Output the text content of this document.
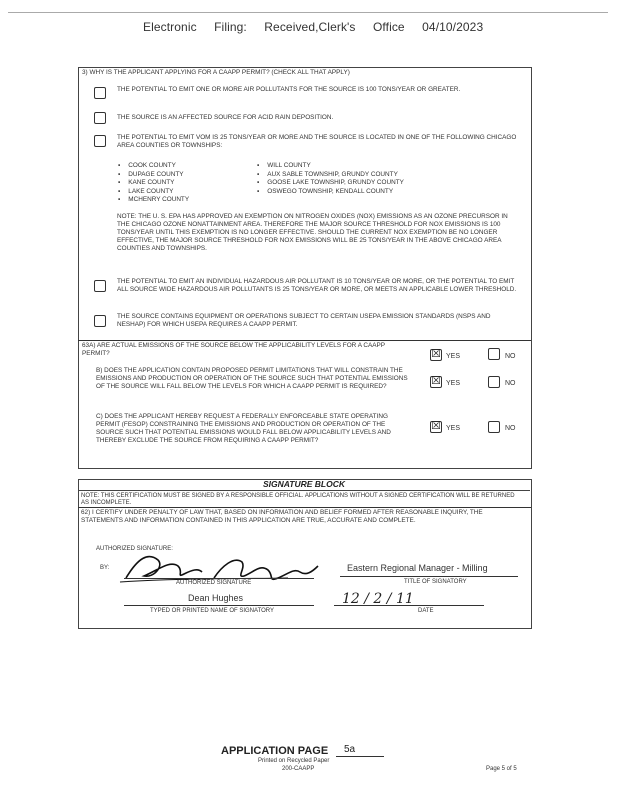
Electronic Filing: Received,Clerk's Office 04/10/2023
3) WHY IS THE APPLICANT APPLYING FOR A CAAPP PERMIT? (CHECK ALL THAT APPLY)
THE POTENTIAL TO EMIT ONE OR MORE AIR POLLUTANTS FOR THE SOURCE IS 100 TONS/YEAR OR GREATER.
THE SOURCE IS AN AFFECTED SOURCE FOR ACID RAIN DEPOSITION.
THE POTENTIAL TO EMIT VOM IS 25 TONS/YEAR OR MORE AND THE SOURCE IS LOCATED IN ONE OF THE FOLLOWING CHICAGO AREA COUNTIES OR TOWNSHIPS:
▪ COOK COUNTY
▪ DUPAGE COUNTY
▪ KANE COUNTY
▪ LAKE COUNTY
▪ MCHENRY COUNTY
▪ WILL COUNTY
▪ AUX SABLE TOWNSHIP, GRUNDY COUNTY
▪ GOOSE LAKE TOWNSHIP, GRUNDY COUNTY
▪ OSWEGO TOWNSHIP, KENDALL COUNTY
NOTE: THE U. S. EPA HAS APPROVED AN EXEMPTION ON NITROGEN OXIDES (NOX) EMISSIONS AS AN OZONE PRECURSOR IN THE CHICAGO OZONE NONATTAINMENT AREA. THEREFORE THE MAJOR SOURCE THRESHOLD FOR NOX EMISSIONS IS 100 TONS/YEAR UNTIL THIS EXEMPTION IS NO LONGER EFFECTIVE. SHOULD THE CURRENT NOX EXEMPTION BE NO LONGER EFFECTIVE, THE MAJOR SOURCE THRESHOLD FOR NOX EMISSIONS WILL BE 25 TONS/YEAR IN THE ABOVE CHICAGO AREA COUNTIES AND TOWNSHIPS.
THE POTENTIAL TO EMIT AN INDIVIDUAL HAZARDOUS AIR POLLUTANT IS 10 TONS/YEAR OR MORE, OR THE POTENTIAL TO EMIT ALL SOURCE WIDE HAZARDOUS AIR POLLUTANTS IS 25 TONS/YEAR OR MORE, OR MEETS AN APPLICABLE LOWER THRESHOLD.
THE SOURCE CONTAINS EQUIPMENT OR OPERATIONS SUBJECT TO CERTAIN USEPA EMISSION STANDARDS (NSPS AND NESHAP) FOR WHICH USEPA REQUIRES A CAAPP PERMIT.
63A) ARE ACTUAL EMISSIONS OF THE SOURCE BELOW THE APPLICABILITY LEVELS FOR A CAAPP PERMIT?	☒ YES	NO
B) DOES THE APPLICATION CONTAIN PROPOSED PERMIT LIMITATIONS THAT WILL CONSTRAIN THE EMISSIONS AND PRODUCTION OR OPERATION OF THE SOURCE SUCH THAT POTENTIAL EMISSIONS OF THE SOURCE WILL FALL BELOW THE LEVELS FOR WHICH A CAAPP PERMIT IS REQUIRED?	☒ YES	NO
C) DOES THE APPLICANT HEREBY REQUEST A FEDERALLY ENFORCEABLE STATE OPERATING PERMIT (FESOP) CONSTRAINING THE EMISSIONS AND PRODUCTION OR OPERATION OF THE SOURCE SUCH THAT POTENTIAL EMISSIONS WOULD FALL BELOW APPLICABILITY LEVELS AND THEREBY EXCLUDE THE SOURCE FROM REQUIRING A CAAPP PERMIT?
☒ YES	NO
SIGNATURE BLOCK
NOTE: THIS CERTIFICATION MUST BE SIGNED BY A RESPONSIBLE OFFICIAL. APPLICATIONS WITHOUT A SIGNED CERTIFICATION WILL BE RETURNED AS INCOMPLETE.
62) I CERTIFY UNDER PENALTY OF LAW THAT, BASED ON INFORMATION AND BELIEF FORMED AFTER REASONABLE INQUIRY, THE STATEMENTS AND INFORMATION CONTAINED IN THIS APPLICATION ARE TRUE, ACCURATE AND COMPLETE.
AUTHORIZED SIGNATURE:
BY:
AUTHORIZED SIGNATURE
Eastern Regional Manager - Milling
TITLE OF SIGNATORY
Dean Hughes
TYPED OR PRINTED NAME OF SIGNATORY
12 / 2 / 11
DATE
APPLICATION PAGE 5a
Printed on Recycled Paper
200-CAAPP	Page 5 of 5
